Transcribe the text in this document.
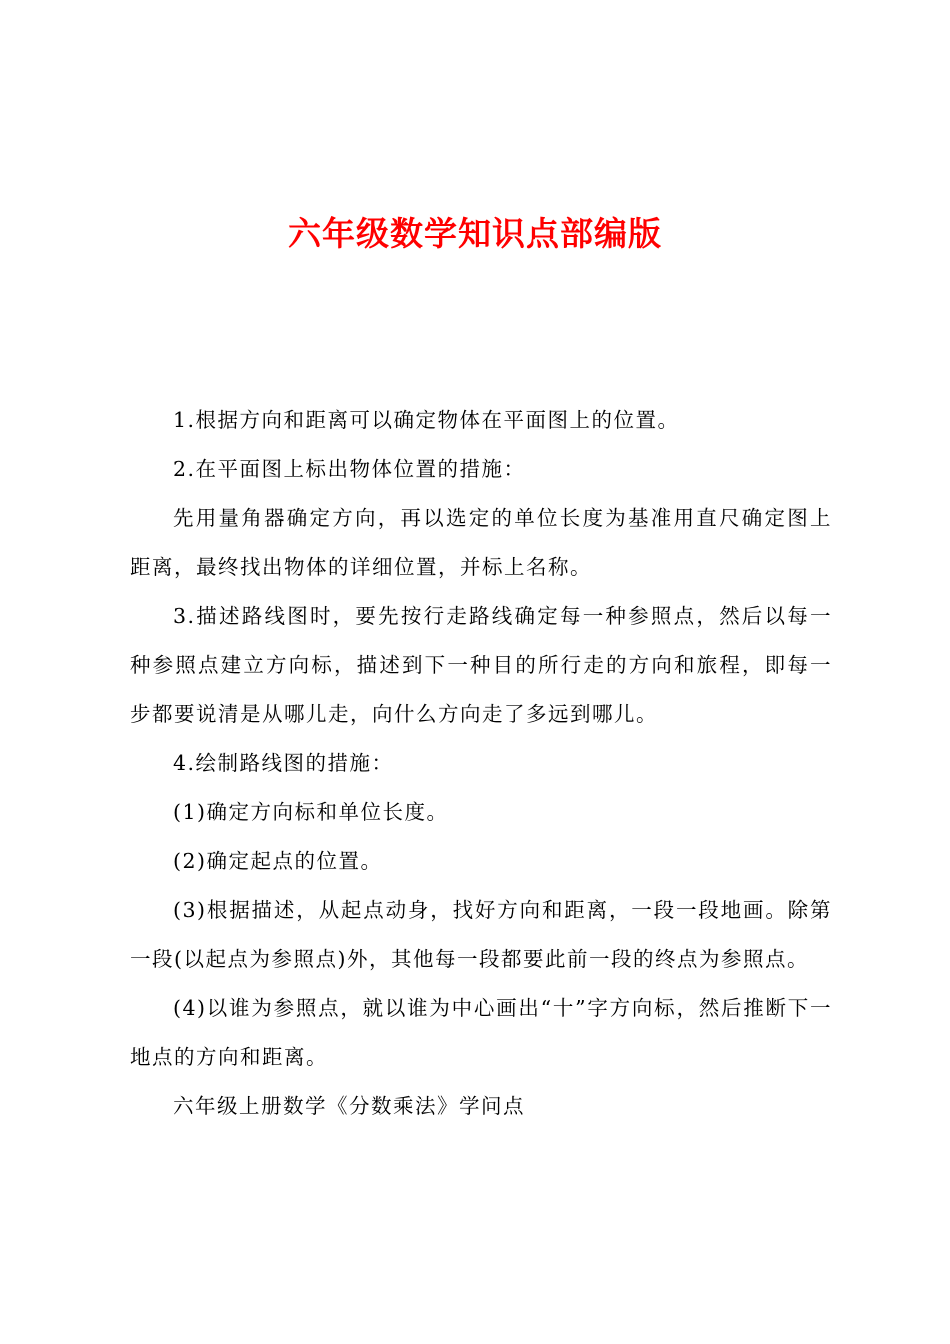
六年级数学知识点部编版

1.根据方向和距离可以确定物体在平面图上的位置。

2.在平面图上标出物体位置的措施：

先用量角器确定方向，再以选定的单位长度为基准用直尺确定图上距离，最终找出物体的详细位置，并标上名称。

3.描述路线图时，要先按行走路线确定每一种参照点，然后以每一种参照点建立方向标，描述到下一种目的所行走的方向和旅程，即每一步都要说清是从哪儿走，向什么方向走了多远到哪儿。

4.绘制路线图的措施：

(1)确定方向标和单位长度。

(2)确定起点的位置。

(3)根据描述，从起点动身，找好方向和距离，一段一段地画。除第一段(以起点为参照点)外，其他每一段都要此前一段的终点为参照点。

(4)以谁为参照点，就以谁为中心画出“十”字方向标，然后推断下一地点的方向和距离。

六年级上册数学《分数乘法》学问点
